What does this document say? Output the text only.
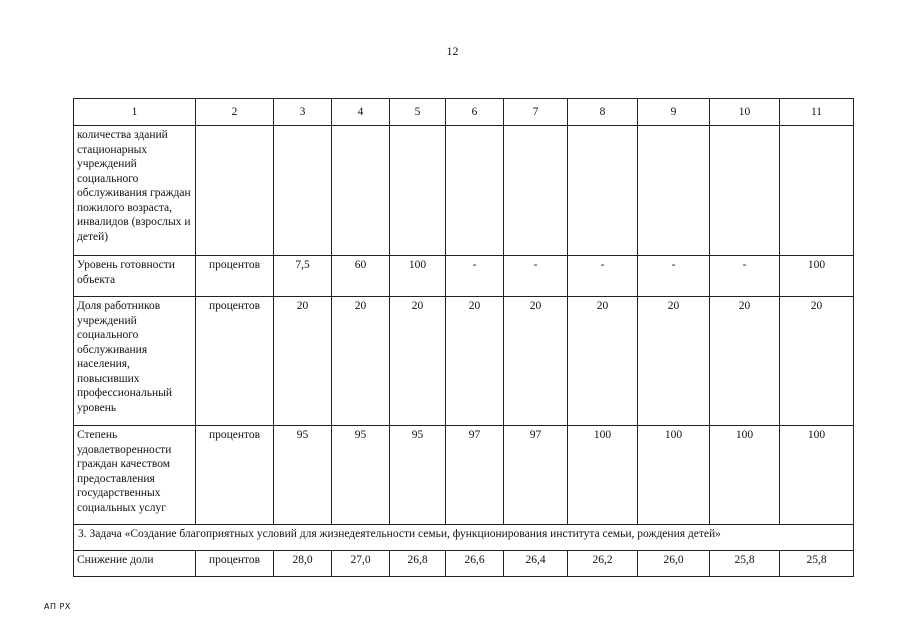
12
1	2	3	4	5	6	7	8	9	10	11
количества зданий стационарных учреждений социального обслуживания граждан пожилого возраста, инвалидов (взрослых и детей)										
Уровень готовности объекта	процентов	7,5	60	100	-	-	-	-	-	100
Доля работников учреждений социального обслуживания населения, повысивших профессиональный уровень	процентов	20	20	20	20	20	20	20	20	20
Степень удовлетворенности граждан качеством предоставления государственных социальных услуг	процентов	95	95	95	97	97	100	100	100	100
3. Задача «Создание благоприятных условий для жизнедеятельности семьи, функционирования института семьи, рождения детей»										
Снижение доли	процентов	28,0	27,0	26,8	26,6	26,4	26,2	26,0	25,8	25,8
АП РХ
